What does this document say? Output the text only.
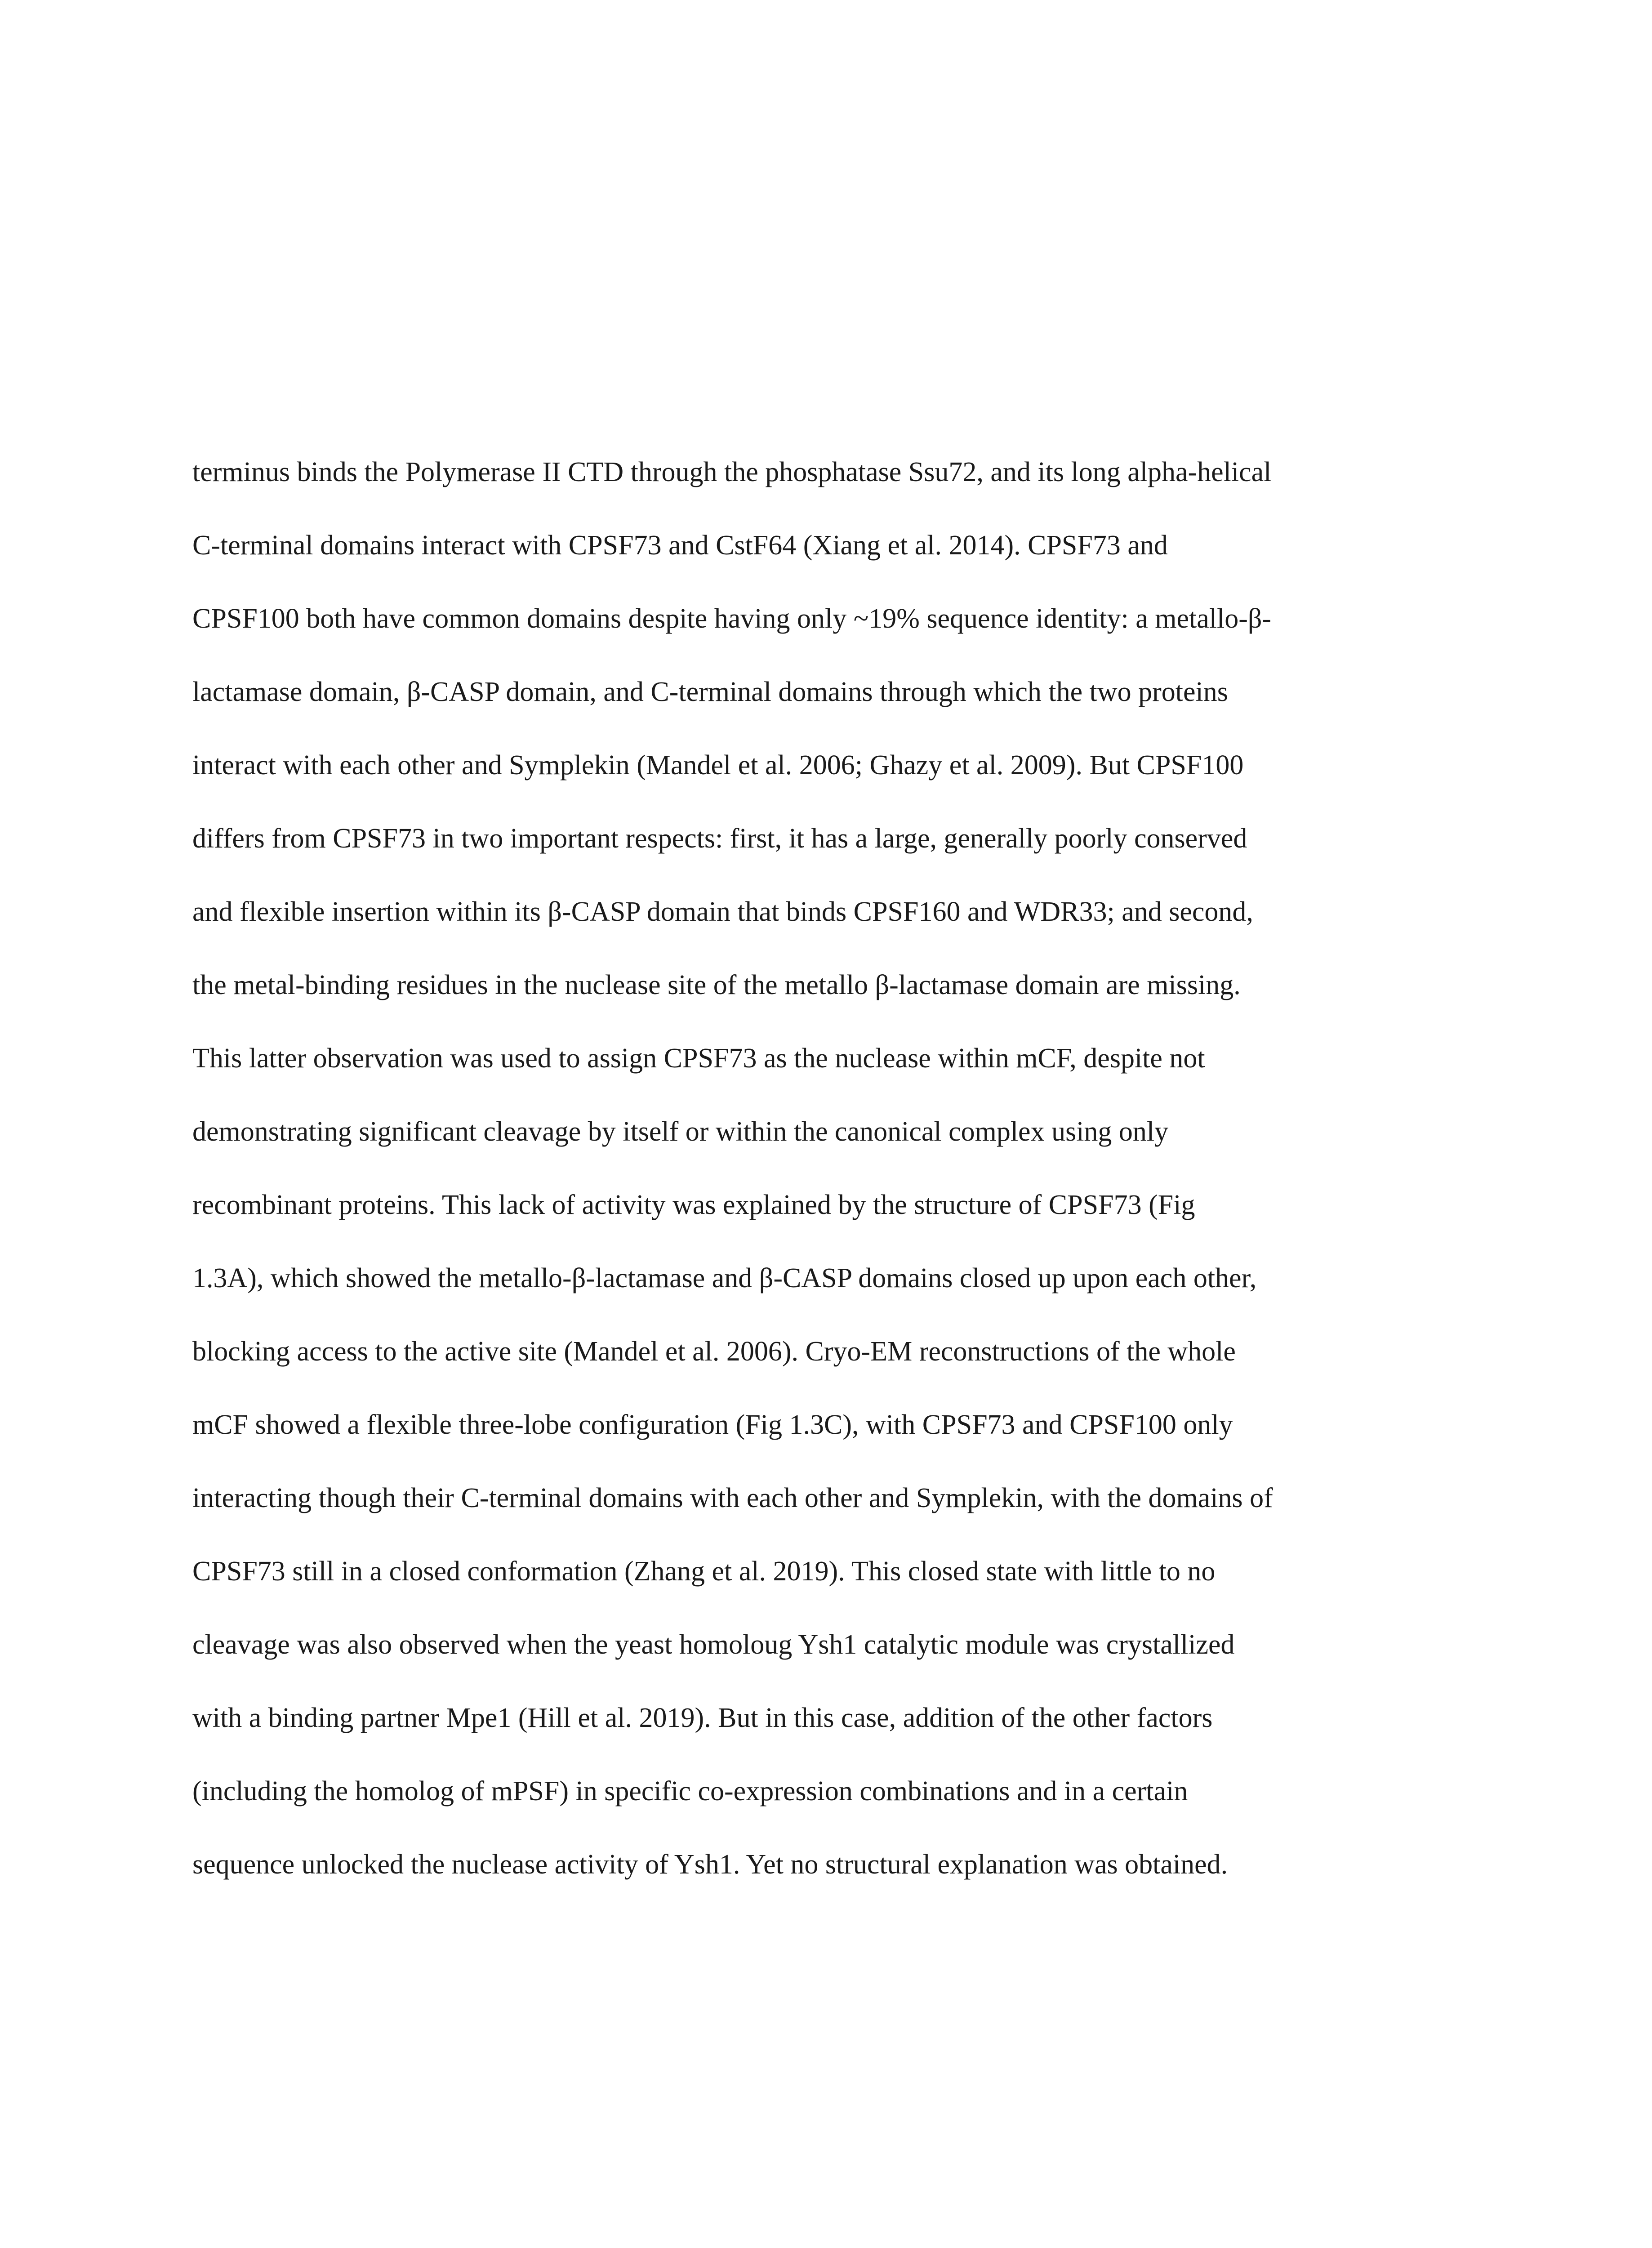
terminus binds the Polymerase II CTD through the phosphatase Ssu72, and its long alpha-helical
C-terminal domains interact with CPSF73 and CstF64 (Xiang et al. 2014). CPSF73 and
CPSF100 both have common domains despite having only ~19% sequence identity: a metallo-β-
lactamase domain, β-CASP domain, and C-terminal domains through which the two proteins
interact with each other and Symplekin (Mandel et al. 2006; Ghazy et al. 2009). But CPSF100
differs from CPSF73 in two important respects: first, it has a large, generally poorly conserved
and flexible insertion within its β-CASP domain that binds CPSF160 and WDR33; and second,
the metal-binding residues in the nuclease site of the metallo β-lactamase domain are missing.
This latter observation was used to assign CPSF73 as the nuclease within mCF, despite not
demonstrating significant cleavage by itself or within the canonical complex using only
recombinant proteins. This lack of activity was explained by the structure of CPSF73 (Fig
1.3A), which showed the metallo-β-lactamase and β-CASP domains closed up upon each other,
blocking access to the active site (Mandel et al. 2006). Cryo-EM reconstructions of the whole
mCF showed a flexible three-lobe configuration (Fig 1.3C), with CPSF73 and CPSF100 only
interacting though their C-terminal domains with each other and Symplekin, with the domains of
CPSF73 still in a closed conformation (Zhang et al. 2019). This closed state with little to no
cleavage was also observed when the yeast homoloug Ysh1 catalytic module was crystallized
with a binding partner Mpe1 (Hill et al. 2019). But in this case, addition of the other factors
(including the homolog of mPSF) in specific co-expression combinations and in a certain
sequence unlocked the nuclease activity of Ysh1. Yet no structural explanation was obtained.
